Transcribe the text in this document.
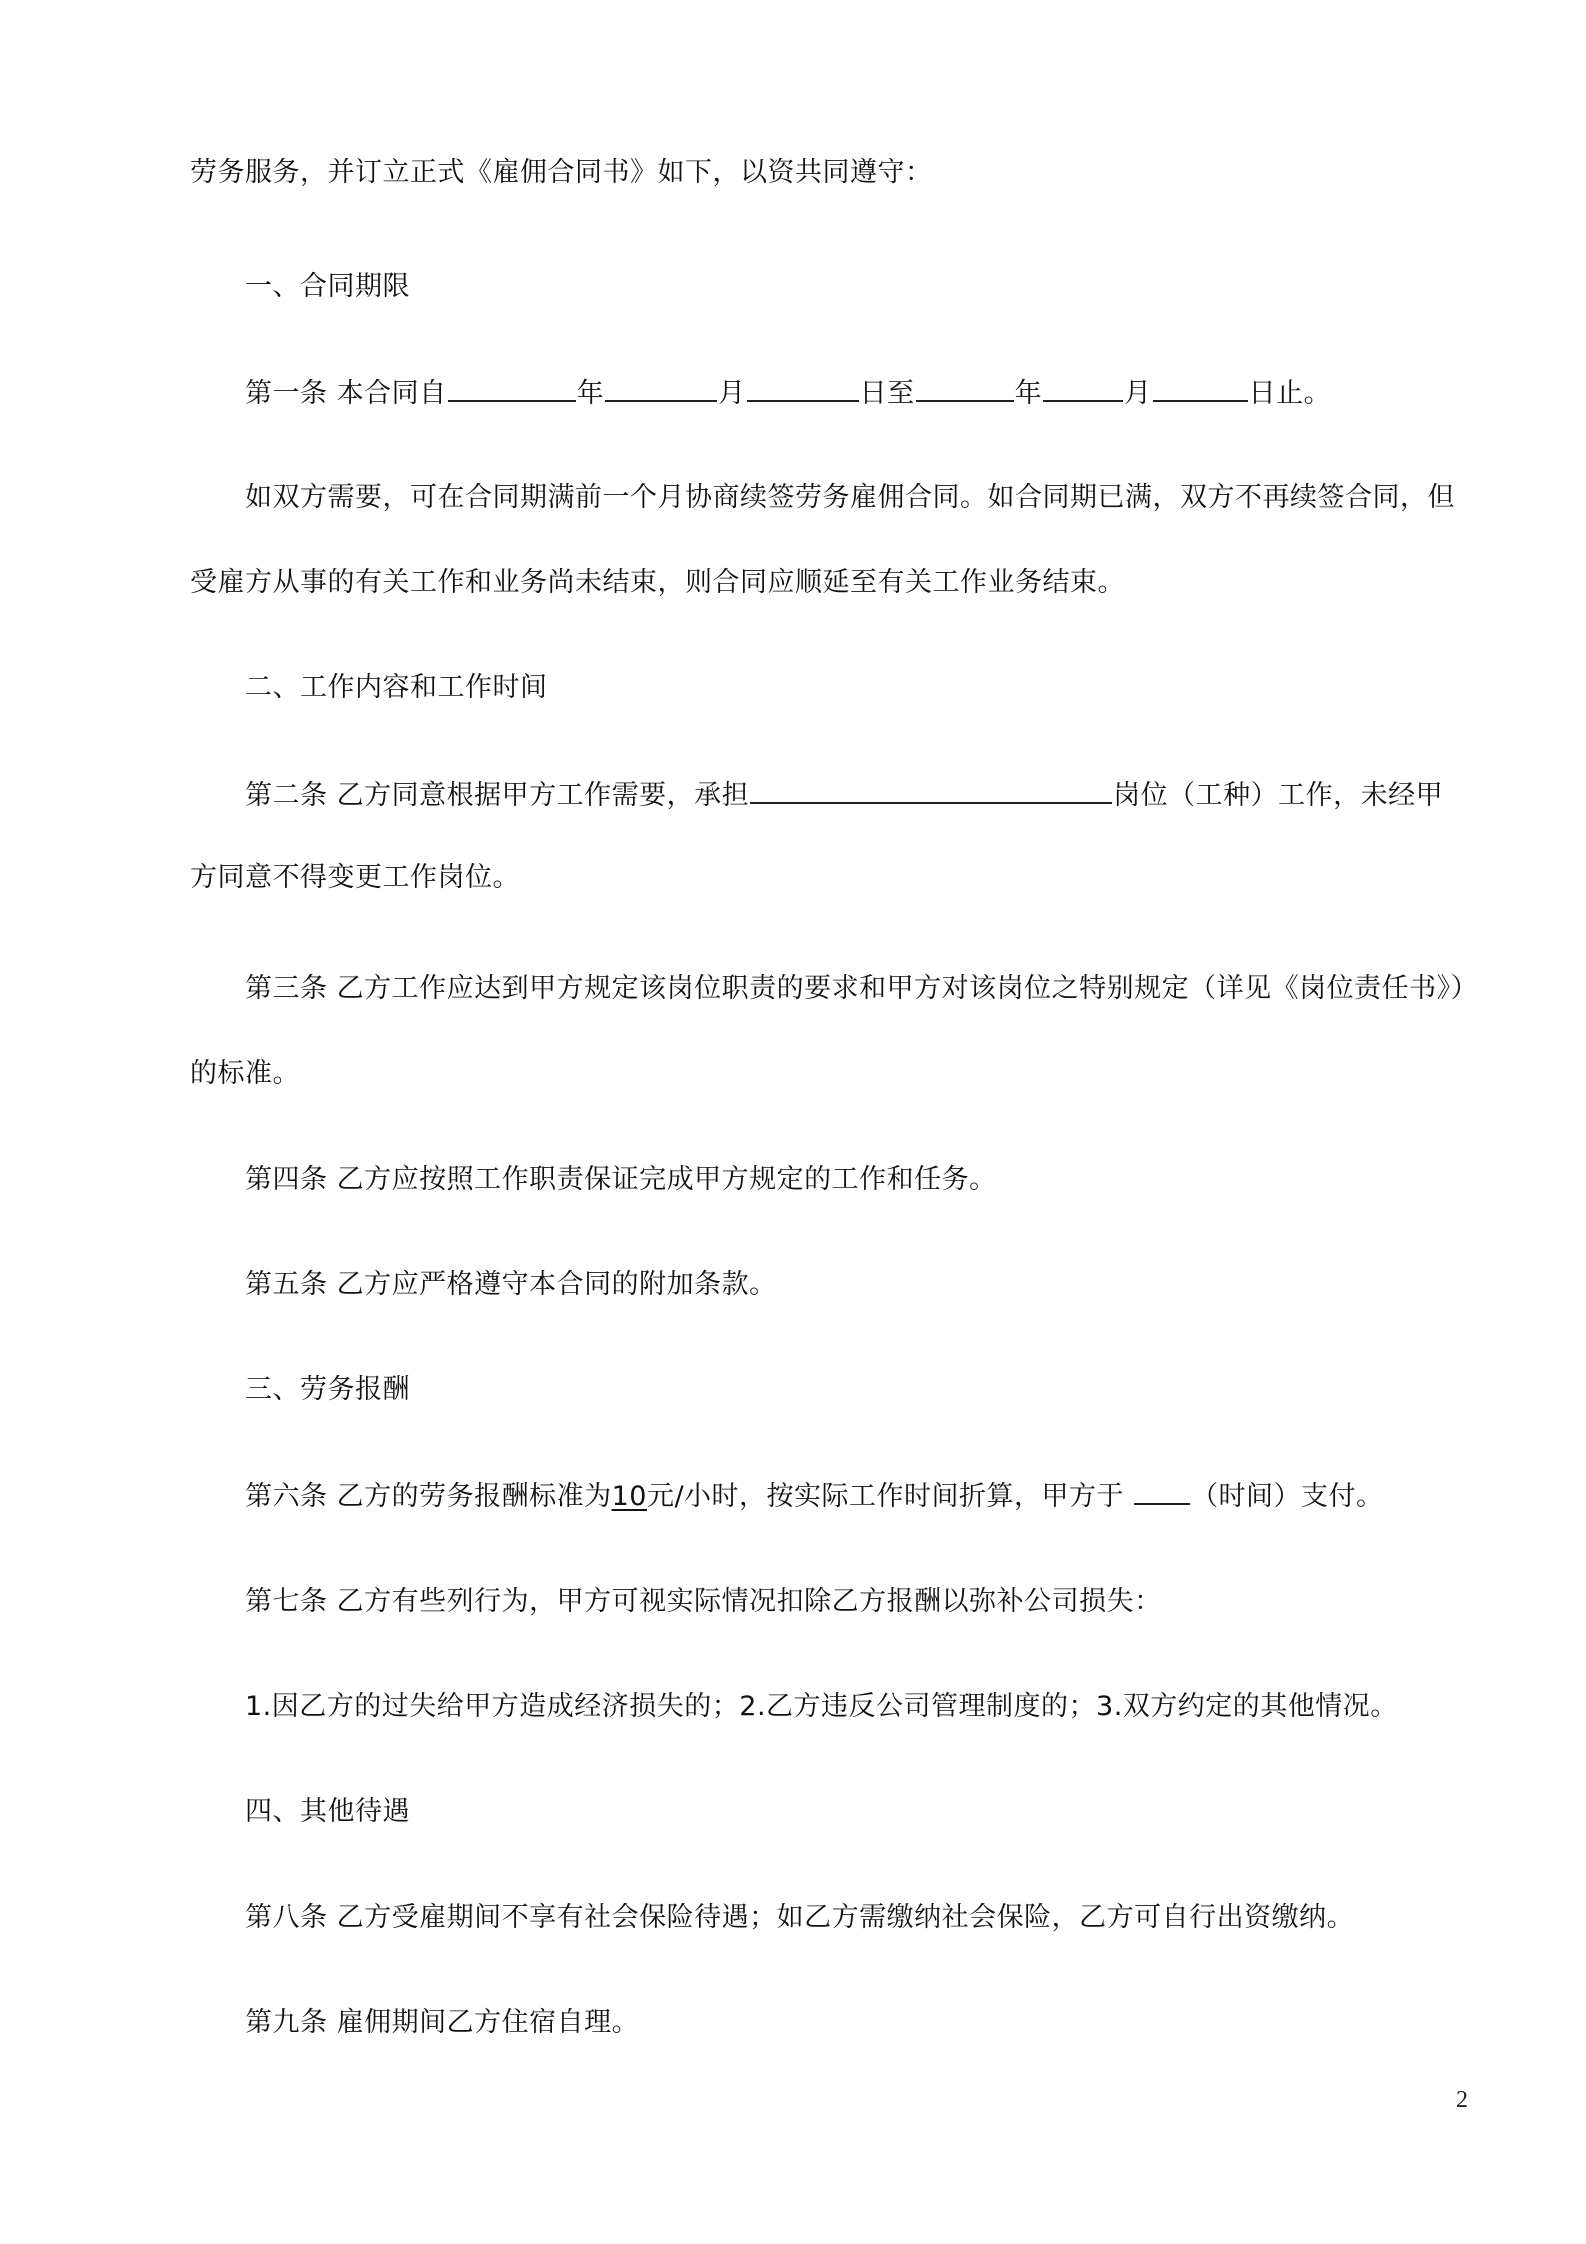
劳务服务，并订立正式《雇佣合同书》如下，以资共同遵守：
一、合同期限
第一条 本合同自	年	月	日至	年	月	日止。
如双方需要，可在合同期满前一个月协商续签劳务雇佣合同。如合同期已满，双方不再续签合同，但
受雇方从事的有关工作和业务尚未结束，则合同应顺延至有关工作业务结束。
二、工作内容和工作时间
第二条 乙方同意根据甲方工作需要，承担	岗位（工种）工作，未经甲
方同意不得变更工作岗位。
第三条 乙方工作应达到甲方规定该岗位职责的要求和甲方对该岗位之特别规定（详见《岗位责任书》）
的标准。
第四条 乙方应按照工作职责保证完成甲方规定的工作和任务。
第五条 乙方应严格遵守本合同的附加条款。
三、劳务报酬
第六条 乙方的劳务报酬标准为10元/小时，按实际工作时间折算，甲方于 （时间）支付。
第七条 乙方有些列行为，甲方可视实际情况扣除乙方报酬以弥补公司损失：
1.因乙方的过失给甲方造成经济损失的；2.乙方违反公司管理制度的；3.双方约定的其他情况。
四、其他待遇
第八条 乙方受雇期间不享有社会保险待遇；如乙方需缴纳社会保险，乙方可自行出资缴纳。
第九条 雇佣期间乙方住宿自理。
2
